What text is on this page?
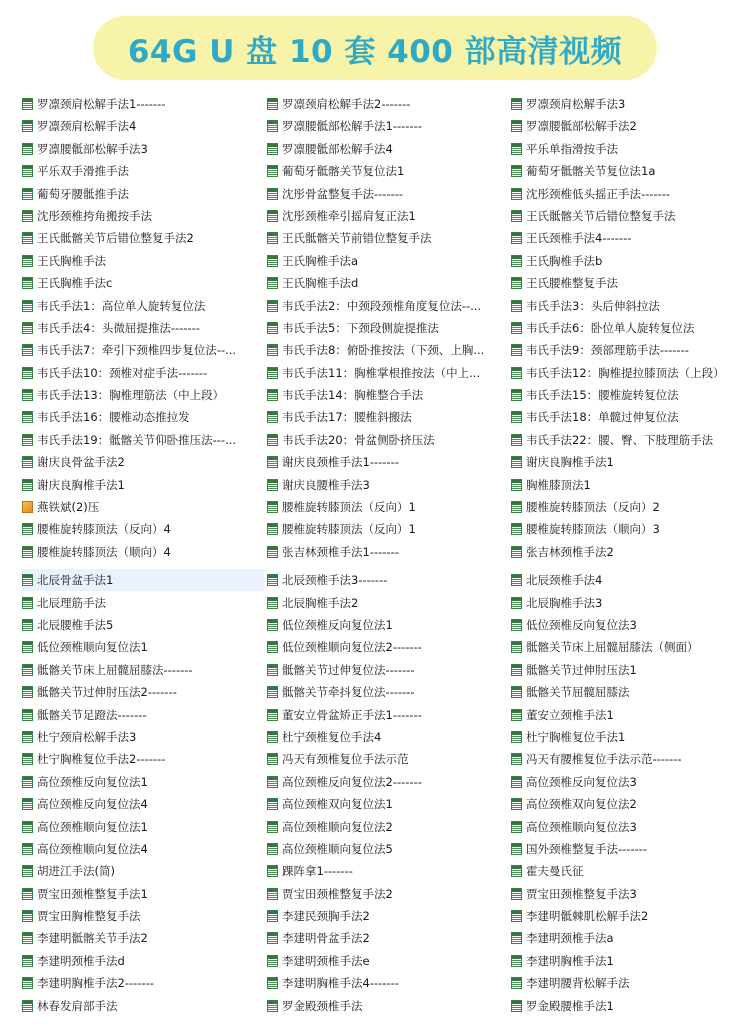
64G U 盘 10 套 400 部高清视频
罗凛颈肩松解手法1-------	罗凛颈肩松解手法2-------	罗凛颈肩松解手法3
罗凛颈肩松解手法4	罗凛腰骶部松解手法1-------	罗凛腰骶部松解手法2
罗凛腰骶部松解手法3	罗凛腰骶部松解手法4	平乐单指滑按手法
平乐双手滑推手法	葡萄牙骶髂关节复位法1	葡萄牙骶髂关节复位法1a
葡萄牙腰骶推手法	沈彤骨盆整复手法-------	沈彤颈椎低头摇正手法-------
沈彤颈椎挎角搬按手法	沈彤颈椎牵引摇肩复正法1	王氏骶髂关节后错位整复手法
王氏骶髂关节后错位整复手法2	王氏骶髂关节前错位整复手法	王氏颈椎手法4-------
王氏胸椎手法	王氏胸椎手法a	王氏胸椎手法b
王氏胸椎手法c	王氏胸椎手法d	王氏腰椎整复手法
韦氏手法1：高位单人旋转复位法	韦氏手法2：中颈段颈椎角度复位法--...	韦氏手法3：头后伸斜拉法
韦氏手法4：头微屈提推法-------	韦氏手法5：下颈段侧旋提推法	韦氏手法6：卧位单人旋转复位法
韦氏手法7：牵引下颈椎四步复位法--...	韦氏手法8：俯卧推按法（下颈、上胸...	韦氏手法9：颈部理筋手法-------
韦氏手法10：颈椎对症手法-------	韦氏手法11：胸椎掌根推按法（中上...	韦氏手法12：胸椎提拉膝顶法（上段）
韦氏手法13：胸椎理筋法（中上段）	韦氏手法14：胸椎整合手法	韦氏手法15：腰椎旋转复位法
韦氏手法16：腰椎动态推拉发	韦氏手法17：腰椎斜搬法	韦氏手法18：单髋过伸复位法
韦氏手法19：骶髂关节仰卧推压法---...	韦氏手法20：骨盆侧卧挤压法	韦氏手法22：腰、臀、下肢理筋手法
谢庆良骨盆手法2	谢庆良颈椎手法1-------	谢庆良胸椎手法1
谢庆良胸椎手法1	谢庆良腰椎手法3	胸椎膝顶法1
燕铁斌(2)压	腰椎旋转膝顶法（反向）1	腰椎旋转膝顶法（反向）2
腰椎旋转膝顶法（反向）4	腰椎旋转膝顶法（反向）1	腰椎旋转膝顶法（顺向）3
腰椎旋转膝顶法（顺向）4	张吉林颈椎手法1-------	张吉林颈椎手法2
北辰骨盆手法1	北辰颈椎手法3-------	北辰颈椎手法4
北辰理筋手法	北辰胸椎手法2	北辰胸椎手法3
北辰腰椎手法5	低位颈椎反向复位法1	低位颈椎反向复位法3
低位颈椎顺向复位法1	低位颈椎顺向复位法2-------	骶髂关节床上屈髋屈膝法（侧面）
骶髂关节床上屈髋屈膝法-------	骶髂关节过伸复位法-------	骶髂关节过伸肘压法1
骶髂关节过伸肘压法2-------	骶髂关节牵抖复位法-------	骶髂关节屈髋屈膝法
骶髂关节足蹬法-------	董安立骨盆矫正手法1-------	董安立颈椎手法1
杜宁颈肩松解手法3	杜宁颈椎复位手法4	杜宁胸椎复位手法1
杜宁胸椎复位手法2-------	冯天有颈椎复位手法示范	冯天有腰椎复位手法示范-------
高位颈椎反向复位法1	高位颈椎反向复位法2-------	高位颈椎反向复位法3
高位颈椎反向复位法4	高位颈椎双向复位法1	高位颈椎双向复位法2
高位颈椎顺向复位法1	高位颈椎顺向复位法2	高位颈椎顺向复位法3
高位颈椎顺向复位法4	高位颈椎顺向复位法5	国外颈椎整复手法-------
胡进江手法(简)	踝阵拿1-------	霍夫曼氏征
贾宝田颈椎整复手法1	贾宝田颈椎整复手法2	贾宝田颈椎整复手法3
贾宝田胸椎整复手法	李建民颈胸手法2	李建明骶棘肌松解手法2
李建明骶髂关节手法2	李建明骨盆手法2	李建明颈椎手法a
李建明颈椎手法d	李建明颈椎手法e	李建明胸椎手法1
李建明胸椎手法2-------	李建明胸椎手法4-------	李建明腰背松解手法
林春发肩部手法	罗金殿颈椎手法	罗金殿腰椎手法1
